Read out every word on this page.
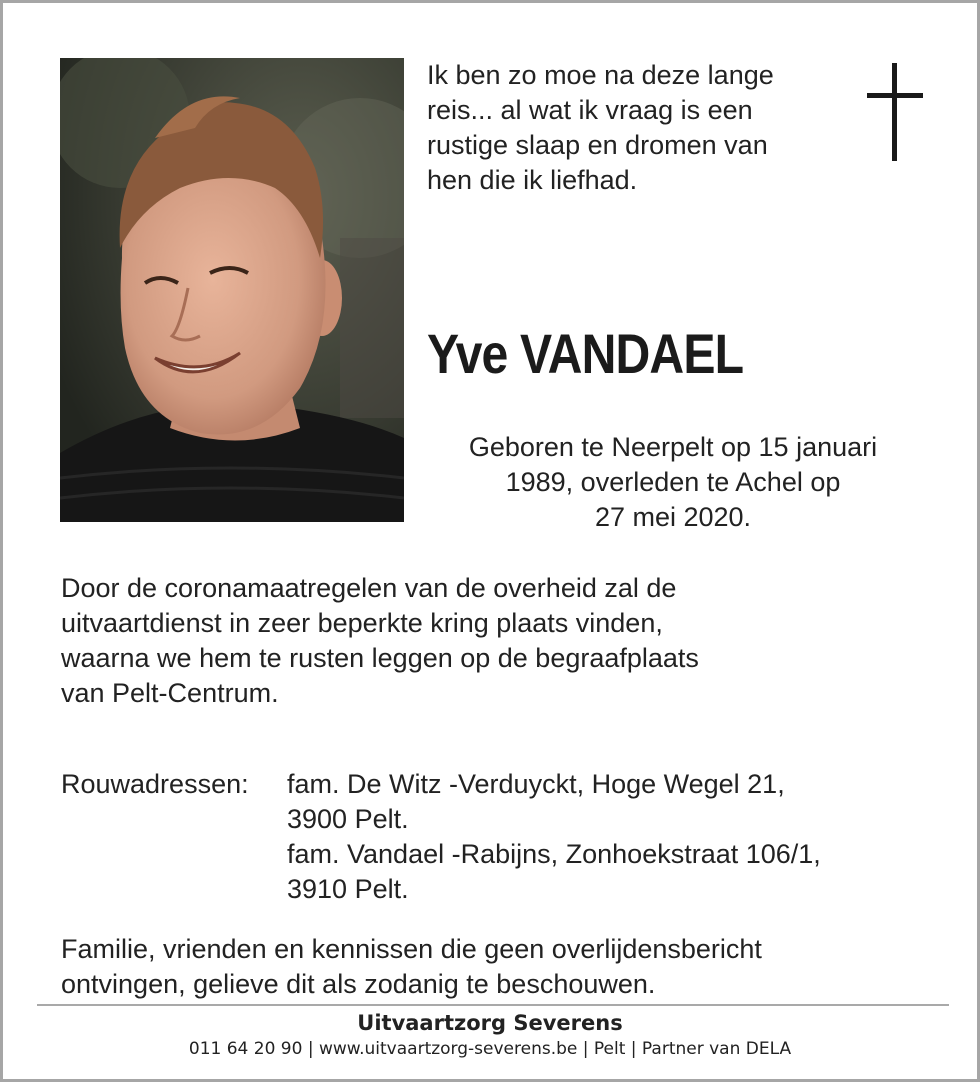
Ik ben zo moe na deze lange
reis... al wat ik vraag is een
rustige slaap en dromen van
hen die ik liefhad.
Yve VANDAEL
Geboren te Neerpelt op 15 januari
1989, overleden te Achel op
27 mei 2020.
Door de coronamaatregelen van de overheid zal de
uitvaartdienst in zeer beperkte kring plaats vinden,
waarna we hem te rusten leggen op de begraafplaats
van Pelt-Centrum.
Rouwadressen:	fam. De Witz -Verduyckt, Hoge Wegel 21,
3900 Pelt.
fam. Vandael -Rabijns, Zonhoekstraat 106/1,
3910 Pelt.
Familie, vrienden en kennissen die geen overlijdensbericht
ontvingen, gelieve dit als zodanig te beschouwen.
Uitvaartzorg Severens
011 64 20 90 | www.uitvaartzorg-severens.be | Pelt | Partner van DELA
